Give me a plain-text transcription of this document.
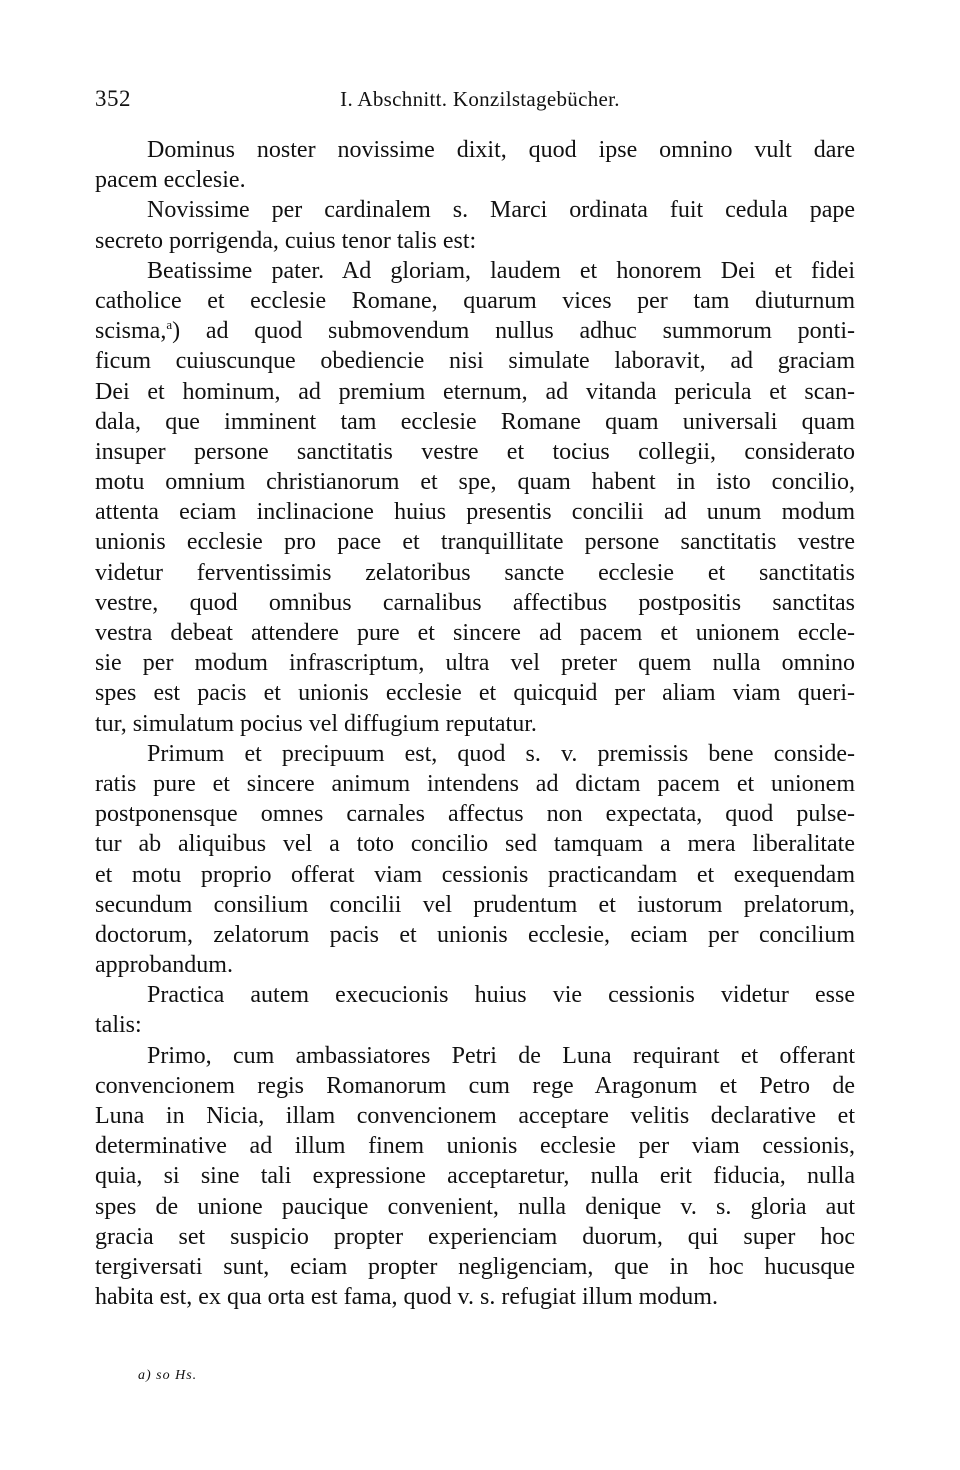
352	I. Abschnitt. Konzilstagebücher.
Dominus noster novissime dixit, quod ipse omnino vult dare
pacem ecclesie.
Novissime per cardinalem s. Marci ordinata fuit cedula pape
secreto porrigenda, cuius tenor talis est:
Beatissime pater. Ad gloriam, laudem et honorem Dei et fidei
catholice et ecclesie Romane, quarum vices per tam diuturnum
scisma,$^a$) ad quod submovendum nullus adhuc summorum ponti-
ficum cuiuscunque obediencie nisi simulate laboravit, ad graciam
Dei et hominum, ad premium eternum, ad vitanda pericula et scan-
dala, que imminent tam ecclesie Romane quam universali quam
insuper persone sanctitatis vestre et tocius collegii, considerato
motu omnium christianorum et spe, quam habent in isto concilio,
attenta eciam inclinacione huius presentis concilii ad unum modum
unionis ecclesie pro pace et tranquillitate persone sanctitatis vestre
videtur ferventissimis zelatoribus sancte ecclesie et sanctitatis
vestre, quod omnibus carnalibus affectibus postpositis sanctitas
vestra debeat attendere pure et sincere ad pacem et unionem eccle-
sie per modum infrascriptum, ultra vel preter quem nulla omnino
spes est pacis et unionis ecclesie et quicquid per aliam viam queri-
tur, simulatum pocius vel diffugium reputatur.
Primum et precipuum est, quod s. v. premissis bene conside-
ratis pure et sincere animum intendens ad dictam pacem et unionem
postponensque omnes carnales affectus non expectata, quod pulse-
tur ab aliquibus vel a toto concilio sed tamquam a mera liberalitate
et motu proprio offerat viam cessionis practicandam et exequendam
secundum consilium concilii vel prudentum et iustorum prelatorum,
doctorum, zelatorum pacis et unionis ecclesie, eciam per concilium
approbandum.
Practica autem execucionis huius vie cessionis videtur esse
talis:
Primo, cum ambassiatores Petri de Luna requirant et offerant
convencionem regis Romanorum cum rege Aragonum et Petro de
Luna in Nicia, illam convencionem acceptare velitis declarative et
determinative ad illum finem unionis ecclesie per viam cessionis,
quia, si sine tali expressione acceptaretur, nulla erit fiducia, nulla
spes de unione paucique convenient, nulla denique v. s. gloria aut
gracia set suspicio propter experienciam duorum, qui super hoc
tergiversati sunt, eciam propter negligenciam, que in hoc hucusque
habita est, ex qua orta est fama, quod v. s. refugiat illum modum.
a) so Hs.
